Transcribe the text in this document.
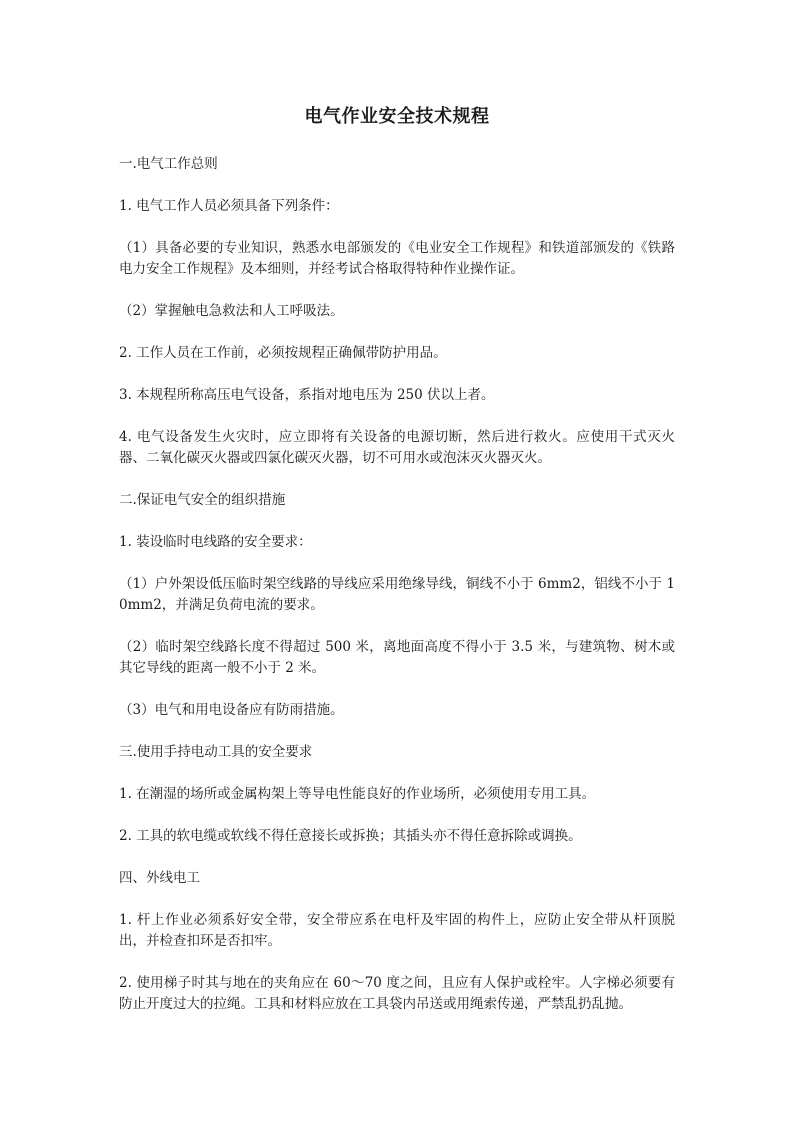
电气作业安全技术规程
一.电气工作总则
1. 电气工作人员必须具备下列条件：
（1）具备必要的专业知识，熟悉水电部颁发的《电业安全工作规程》和铁道部颁发的《铁路电力安全工作规程》及本细则，并经考试合格取得特种作业操作证。
（2）掌握触电急救法和人工呼吸法。
2. 工作人员在工作前，必须按规程正确佩带防护用品。
3. 本规程所称高压电气设备，系指对地电压为 250 伏以上者。
4. 电气设备发生火灾时，应立即将有关设备的电源切断，然后进行救火。应使用干式灭火器、二氧化碳灭火器或四氯化碳灭火器，切不可用水或泡沫灭火器灭火。
二.保证电气安全的组织措施
1. 装设临时电线路的安全要求：
（1）户外架设低压临时架空线路的导线应采用绝缘导线，铜线不小于 6mm2，铝线不小于 10mm2，并满足负荷电流的要求。
（2）临时架空线路长度不得超过 500 米，离地面高度不得小于 3.5 米，与建筑物、树木或其它导线的距离一般不小于 2 米。
（3）电气和用电设备应有防雨措施。
三.使用手持电动工具的安全要求
1. 在潮湿的场所或金属构架上等导电性能良好的作业场所，必须使用专用工具。
2. 工具的软电缆或软线不得任意接长或拆换；其插头亦不得任意拆除或调换。
四、外线电工
1. 杆上作业必须系好安全带，安全带应系在电杆及牢固的构件上，应防止安全带从杆顶脱出，并检查扣环是否扣牢。
2. 使用梯子时其与地在的夹角应在 60～70 度之间，且应有人保护或栓牢。人字梯必须要有防止开度过大的拉绳。工具和材料应放在工具袋内吊送或用绳索传递，严禁乱扔乱抛。
